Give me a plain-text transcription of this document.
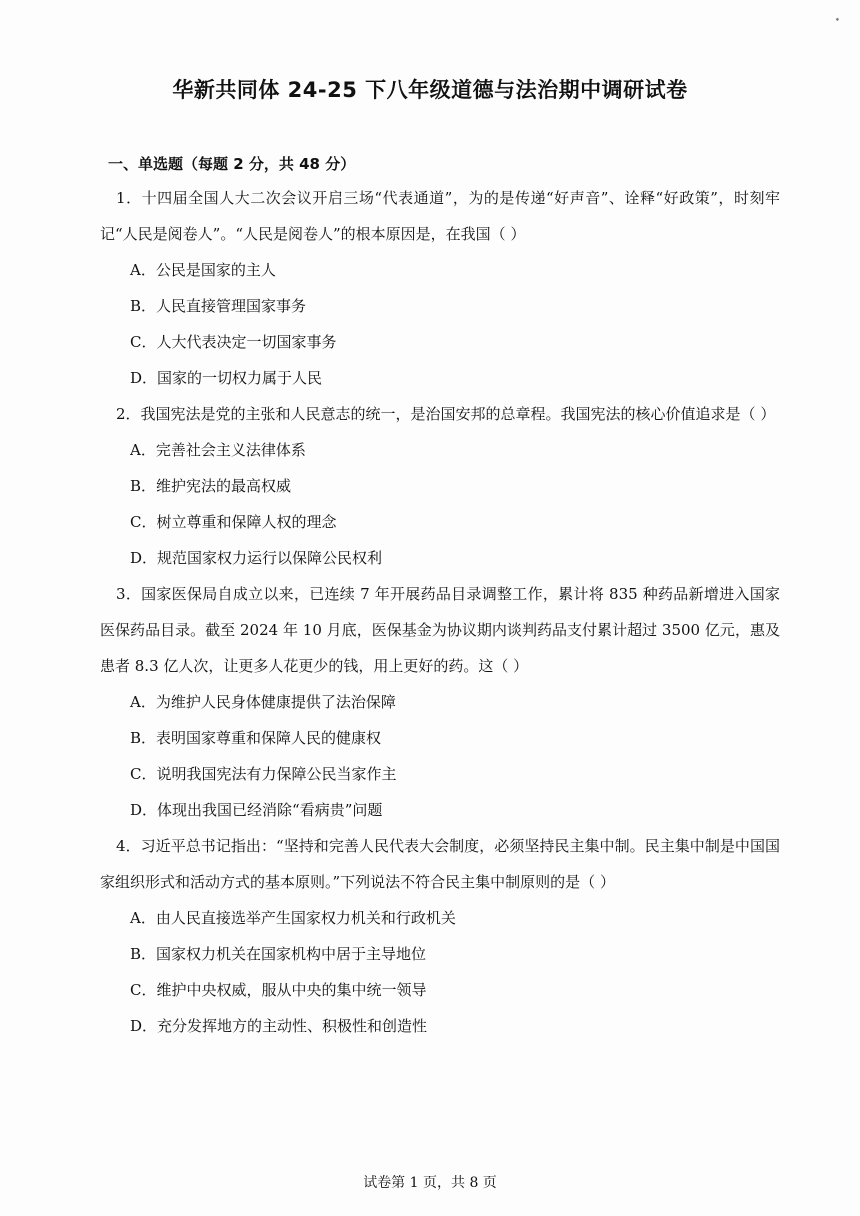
•
华新共同体 24-25 下八年级道德与法治期中调研试卷
一、单选题（每题 2 分，共 48 分）

1．十四届全国人大二次会议开启三场“代表通道”，为的是传递“好声音”、诠释“好政策”，时刻牢记“人民是阅卷人”。“人民是阅卷人”的根本原因是，在我国（ ）

A．公民是国家的主人

B．人民直接管理国家事务

C．人大代表决定一切国家事务

D．国家的一切权力属于人民

2．我国宪法是党的主张和人民意志的统一，是治国安邦的总章程。我国宪法的核心价值追求是（ ）

A．完善社会主义法律体系

B．维护宪法的最高权威

C．树立尊重和保障人权的理念

D．规范国家权力运行以保障公民权利

3．国家医保局自成立以来，已连续 7 年开展药品目录调整工作，累计将 835 种药品新增进入国家医保药品目录。截至 2024 年 10 月底，医保基金为协议期内谈判药品支付累计超过 3500 亿元，惠及患者 8.3 亿人次，让更多人花更少的钱，用上更好的药。这（ ）

A．为维护人民身体健康提供了法治保障

B．表明国家尊重和保障人民的健康权

C．说明我国宪法有力保障公民当家作主

D．体现出我国已经消除“看病贵”问题

4．习近平总书记指出：“坚持和完善人民代表大会制度，必须坚持民主集中制。民主集中制是中国国家组织形式和活动方式的基本原则。”下列说法不符合民主集中制原则的是（ ）

A．由人民直接选举产生国家权力机关和行政机关

B．国家权力机关在国家机构中居于主导地位

C．维护中央权威，服从中央的集中统一领导

D．充分发挥地方的主动性、积极性和创造性

试卷第 1 页，共 8 页
